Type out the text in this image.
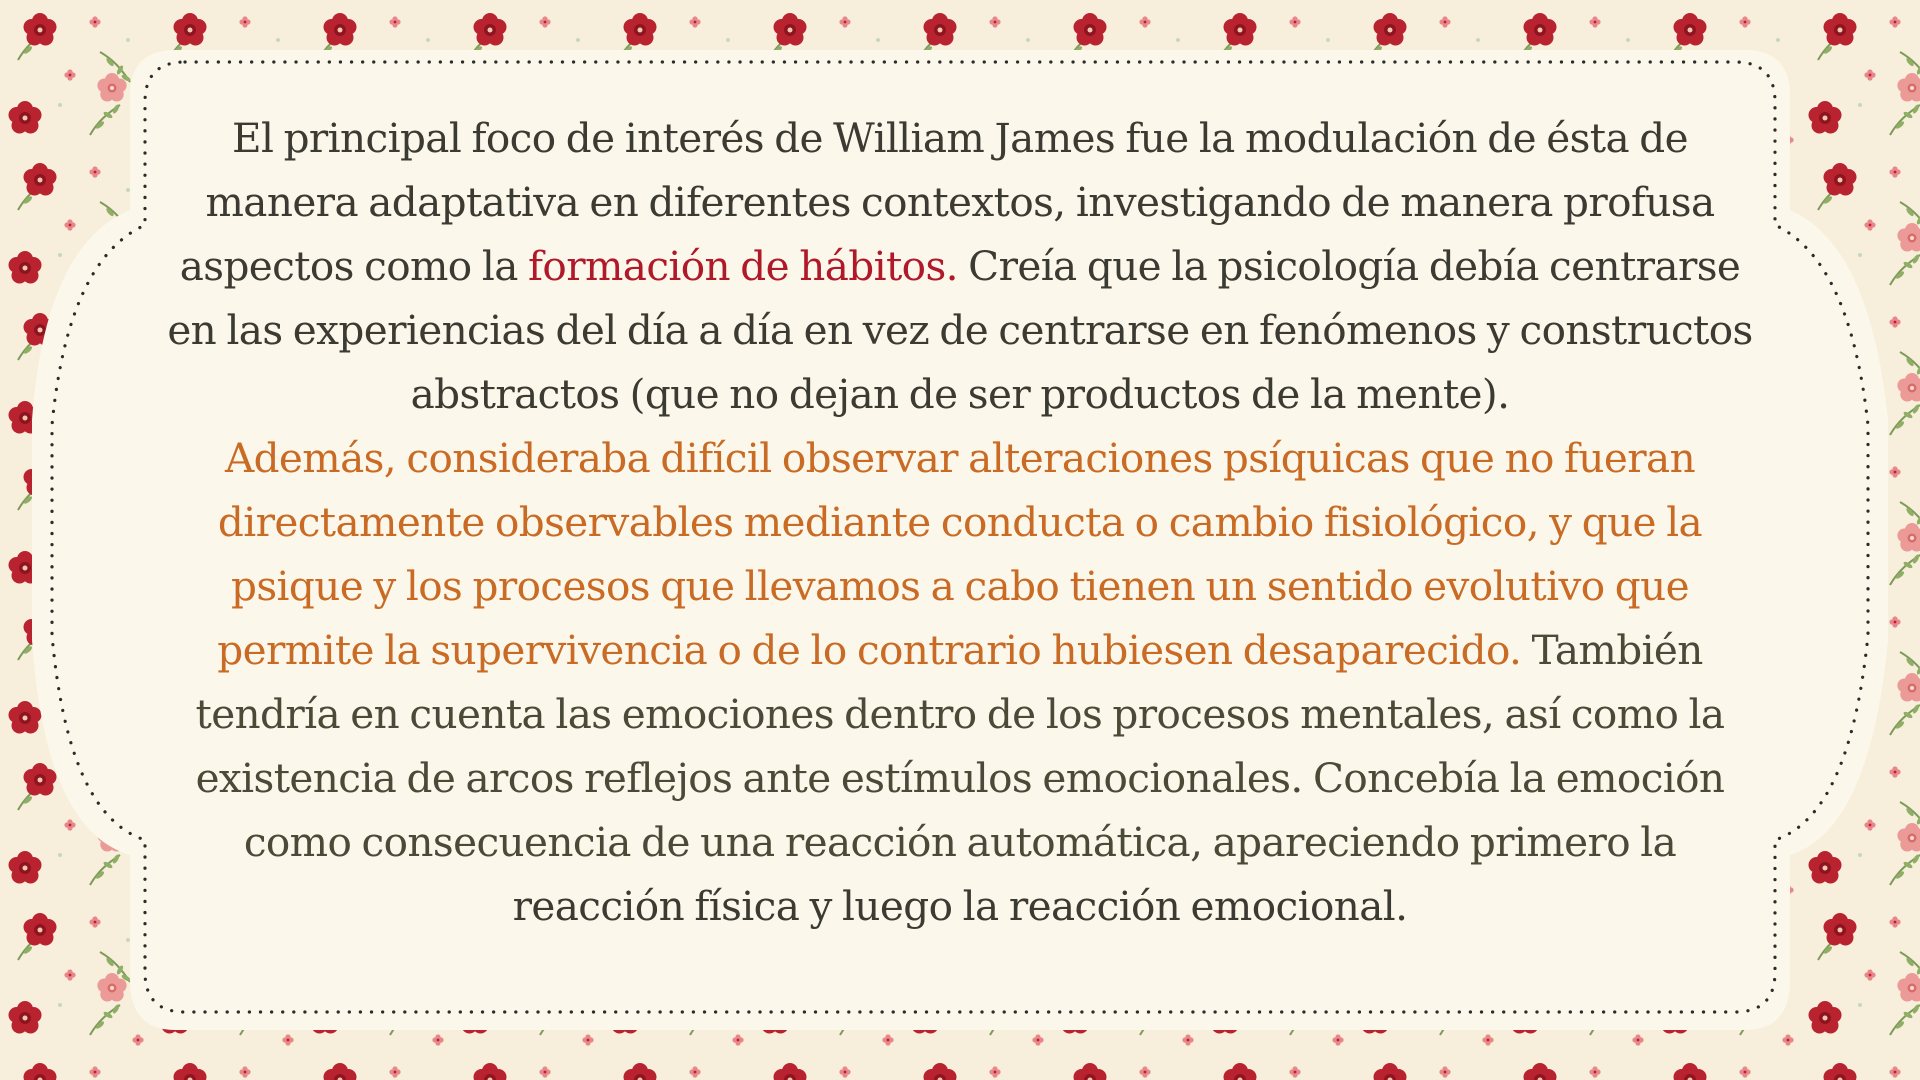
El principal foco de interés de William James fue la modulación de ésta de
manera adaptativa en diferentes contextos, investigando de manera profusa
aspectos como la formación de hábitos. Creía que la psicología debía centrarse
en las experiencias del día a día en vez de centrarse en fenómenos y constructos
abstractos (que no dejan de ser productos de la mente).
Además, consideraba difícil observar alteraciones psíquicas que no fueran
directamente observables mediante conducta o cambio fisiológico, y que la
psique y los procesos que llevamos a cabo tienen un sentido evolutivo que
permite la supervivencia o de lo contrario hubiesen desaparecido. También
tendría en cuenta las emociones dentro de los procesos mentales, así como la
existencia de arcos reflejos ante estímulos emocionales. Concebía la emoción
como consecuencia de una reacción automática, apareciendo primero la
reacción física y luego la reacción emocional.
